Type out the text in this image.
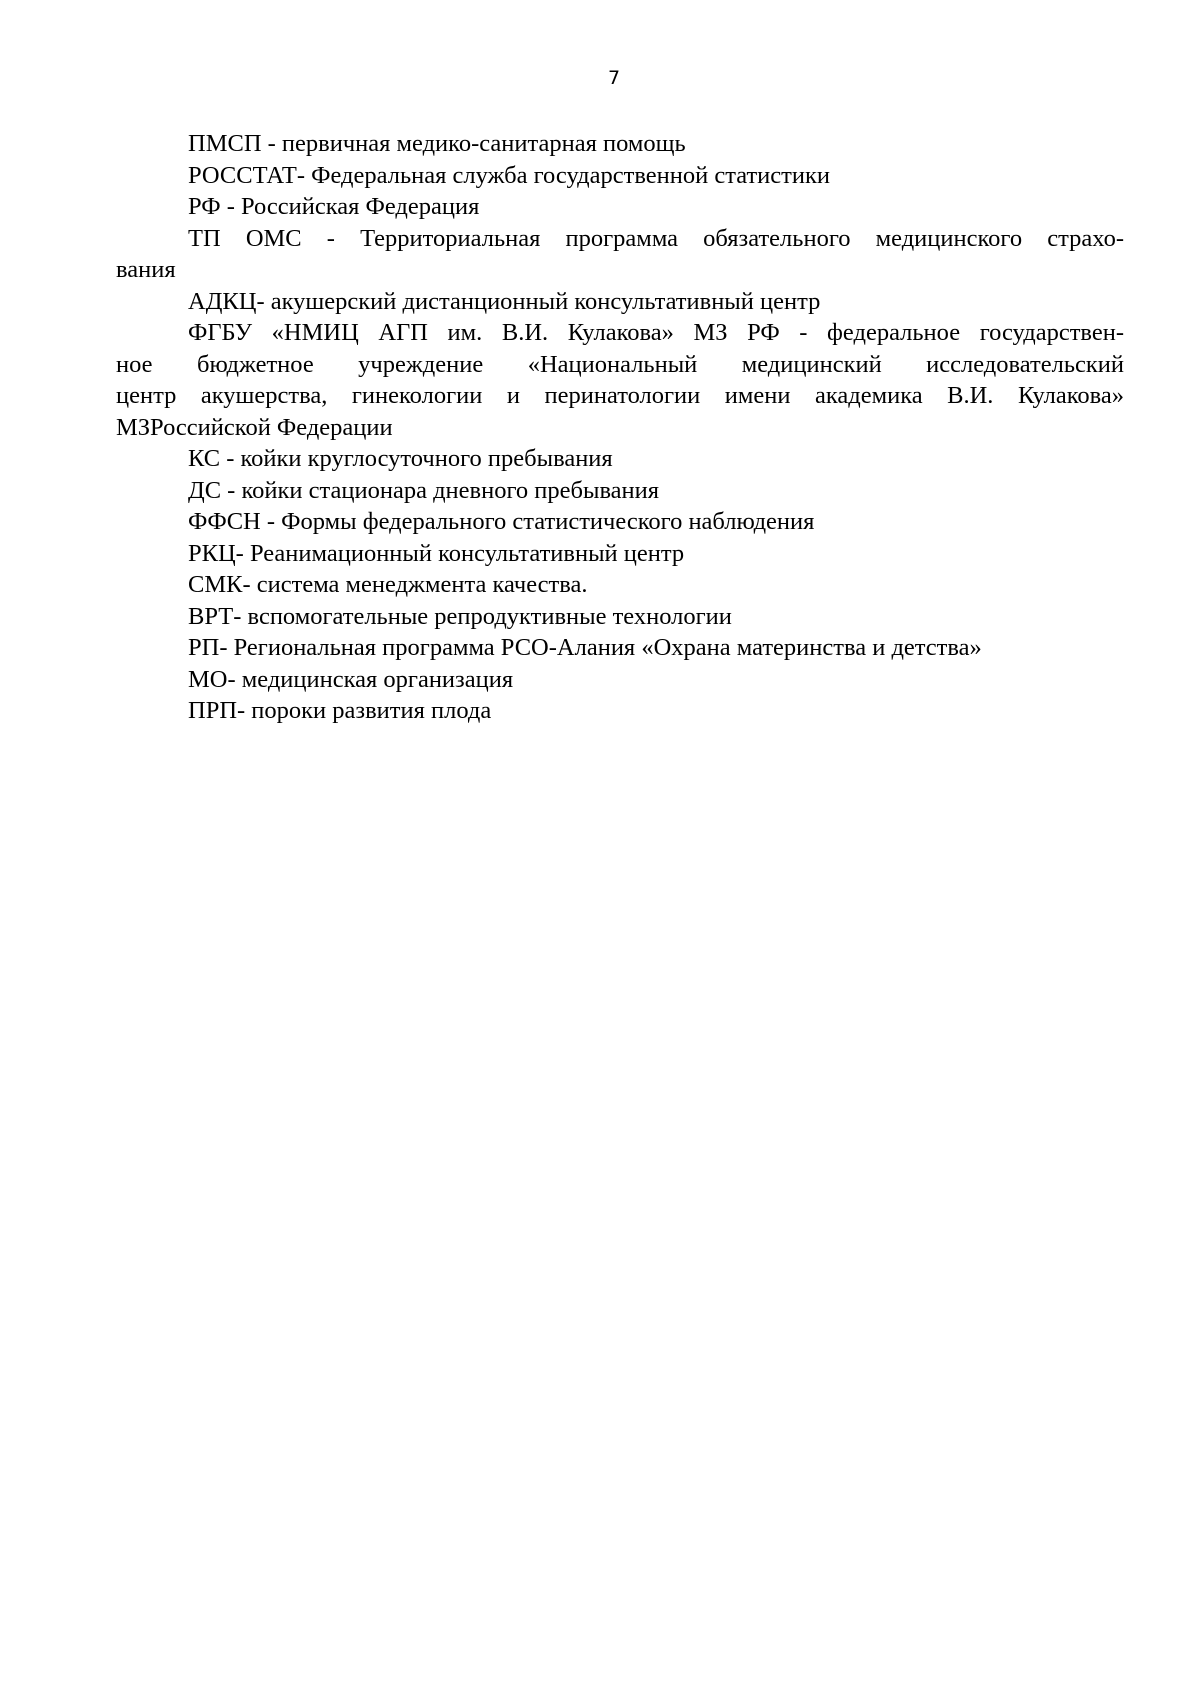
7

ПМСП - первичная медико-санитарная помощь

РОССТАТ- Федеральная служба государственной статистики

РФ - Российская Федерация

ТП ОМС - Территориальная программа обязательного медицинского страхо-
вания

АДКЦ- акушерский дистанционный консультативный центр

ФГБУ «НМИЦ АГП им. В.И. Кулакова» МЗ РФ - федеральное государствен-
ное бюджетное учреждение «Национальный медицинский исследовательский
центр акушерства, гинекологии и перинатологии имени академика В.И. Кулакова»
МЗРоссийской Федерации

КС - койки круглосуточного пребывания

ДС - койки стационара дневного пребывания

ФФСН - Формы федерального статистического наблюдения

РКЦ- Реанимационный консультативный центр

СМК- система менеджмента качества.

ВРТ- вспомогательные репродуктивные технологии

РП- Региональная программа РСО-Алания «Охрана материнства и детства»

МО- медицинская организация

ПРП- пороки развития плода
